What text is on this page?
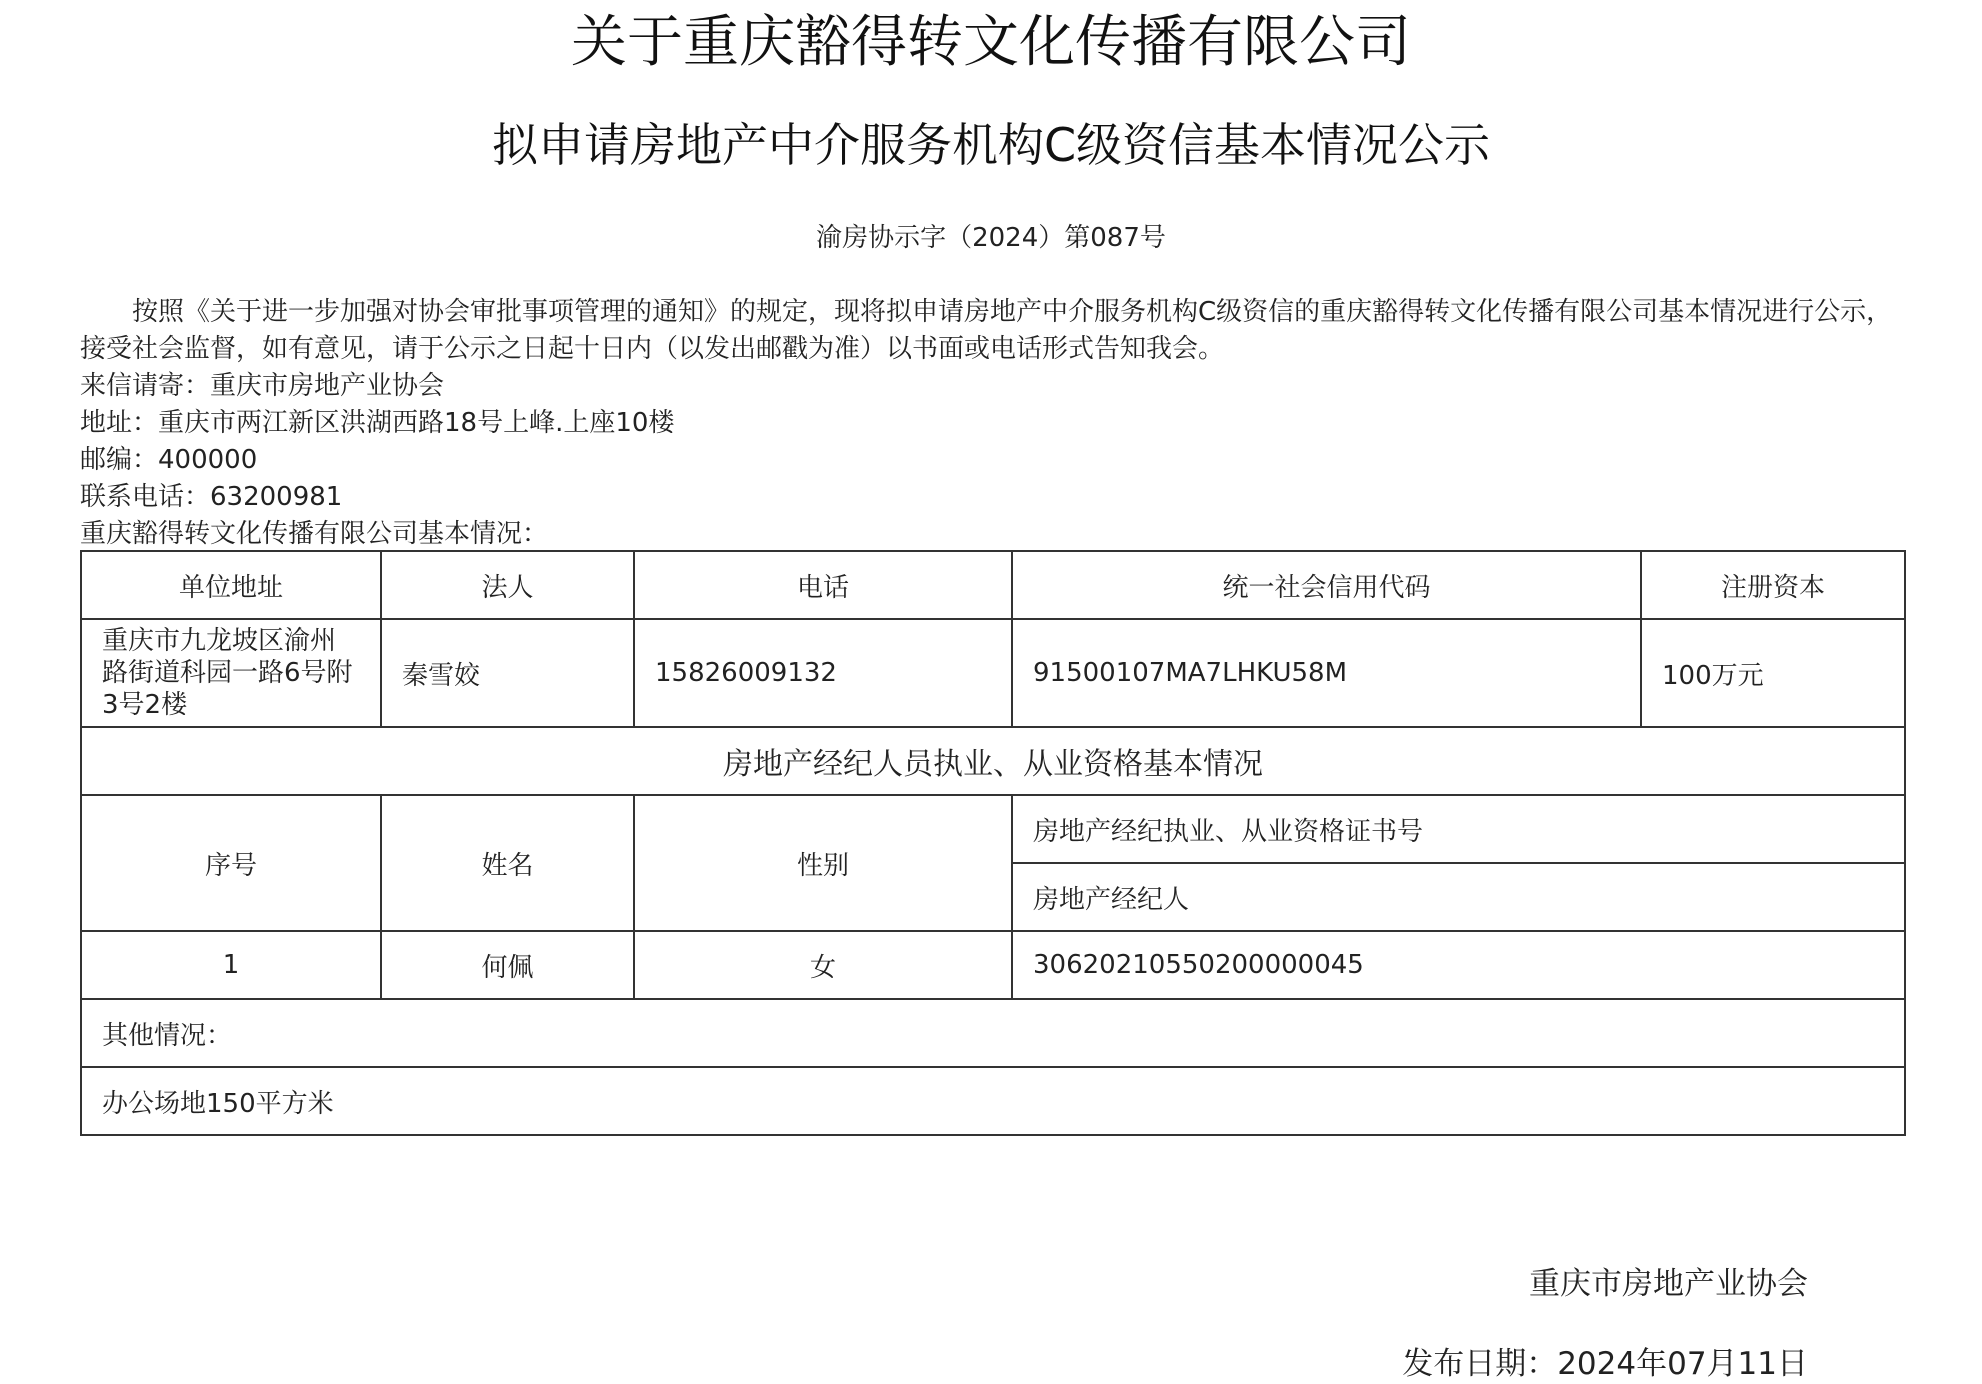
关于重庆豁得转文化传播有限公司
拟申请房地产中介服务机构C级资信基本情况公示
渝房协示字（2024）第087号

按照《关于进一步加强对协会审批事项管理的通知》的规定，现将拟申请房地产中介服务机构C级资信的重庆豁得转文化传播有限公司基本情况进行公示，接受社会监督，如有意见，请于公示之日起十日内（以发出邮戳为准）以书面或电话形式告知我会。

来信请寄：重庆市房地产业协会

地址：重庆市两江新区洪湖西路18号上峰.上座10楼

邮编：400000

联系电话：63200981

重庆豁得转文化传播有限公司基本情况：

单位地址	法人	电话	统一社会信用代码	注册资本
重庆市九龙坡区渝州路街道科园一路6号附3号2楼	秦雪姣	15826009132	91500107MA7LHKU58M	100万元
房地产经纪人员执业、从业资格基本情况				
序号	姓名	性别	房地产经纪执业、从业资格证书号	
			房地产经纪人	
1	何佩	女	30620210550200000045	
其他情况：				
办公场地150平方米				
重庆市房地产业协会
发布日期：2024年07月11日
